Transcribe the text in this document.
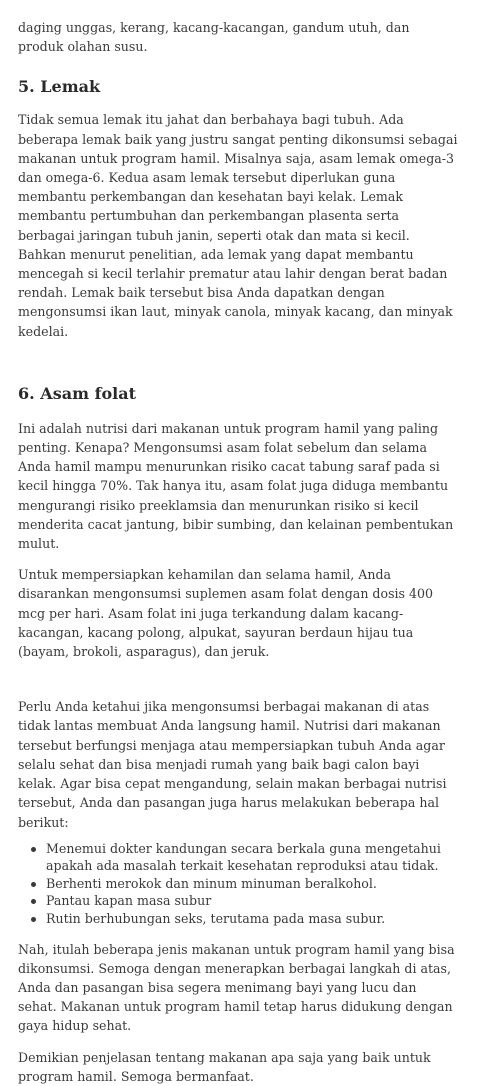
daging unggas, kerang, kacang-kacangan, gandum utuh, dan produk olahan susu.

5. Lemak

Tidak semua lemak itu jahat dan berbahaya bagi tubuh. Ada beberapa lemak baik yang justru sangat penting dikonsumsi sebagai makanan untuk program hamil. Misalnya saja, asam lemak omega-3 dan omega-6. Kedua asam lemak tersebut diperlukan guna membantu perkembangan dan kesehatan bayi kelak. Lemak membantu pertumbuhan dan perkembangan plasenta serta berbagai jaringan tubuh janin, seperti otak dan mata si kecil. Bahkan menurut penelitian, ada lemak yang dapat membantu mencegah si kecil terlahir prematur atau lahir dengan berat badan rendah. Lemak baik tersebut bisa Anda dapatkan dengan mengonsumsi ikan laut, minyak canola, minyak kacang, dan minyak kedelai.

6. Asam folat

Ini adalah nutrisi dari makanan untuk program hamil yang paling penting. Kenapa? Mengonsumsi asam folat sebelum dan selama Anda hamil mampu menurunkan risiko cacat tabung saraf pada si kecil hingga 70%. Tak hanya itu, asam folat juga diduga membantu mengurangi risiko preeklamsia dan menurunkan risiko si kecil menderita cacat jantung, bibir sumbing, dan kelainan pembentukan mulut.

Untuk mempersiapkan kehamilan dan selama hamil, Anda disarankan mengonsumsi suplemen asam folat dengan dosis 400 mcg per hari. Asam folat ini juga terkandung dalam kacang-kacangan, kacang polong, alpukat, sayuran berdaun hijau tua (bayam, brokoli, asparagus), dan jeruk.

Perlu Anda ketahui jika mengonsumsi berbagai makanan di atas tidak lantas membuat Anda langsung hamil. Nutrisi dari makanan tersebut berfungsi menjaga atau mempersiapkan tubuh Anda agar selalu sehat dan bisa menjadi rumah yang baik bagi calon bayi kelak. Agar bisa cepat mengandung, selain makan berbagai nutrisi tersebut, Anda dan pasangan juga harus melakukan beberapa hal berikut:

Menemui dokter kandungan secara berkala guna mengetahui apakah ada masalah terkait kesehatan reproduksi atau tidak.
Berhenti merokok dan minum minuman beralkohol.
Pantau kapan masa subur
Rutin berhubungan seks, terutama pada masa subur.

Nah, itulah beberapa jenis makanan untuk program hamil yang bisa dikonsumsi. Semoga dengan menerapkan berbagai langkah di atas, Anda dan pasangan bisa segera menimang bayi yang lucu dan sehat. Makanan untuk program hamil tetap harus didukung dengan gaya hidup sehat.

Demikian penjelasan tentang makanan apa saja yang baik untuk program hamil. Semoga bermanfaat.
